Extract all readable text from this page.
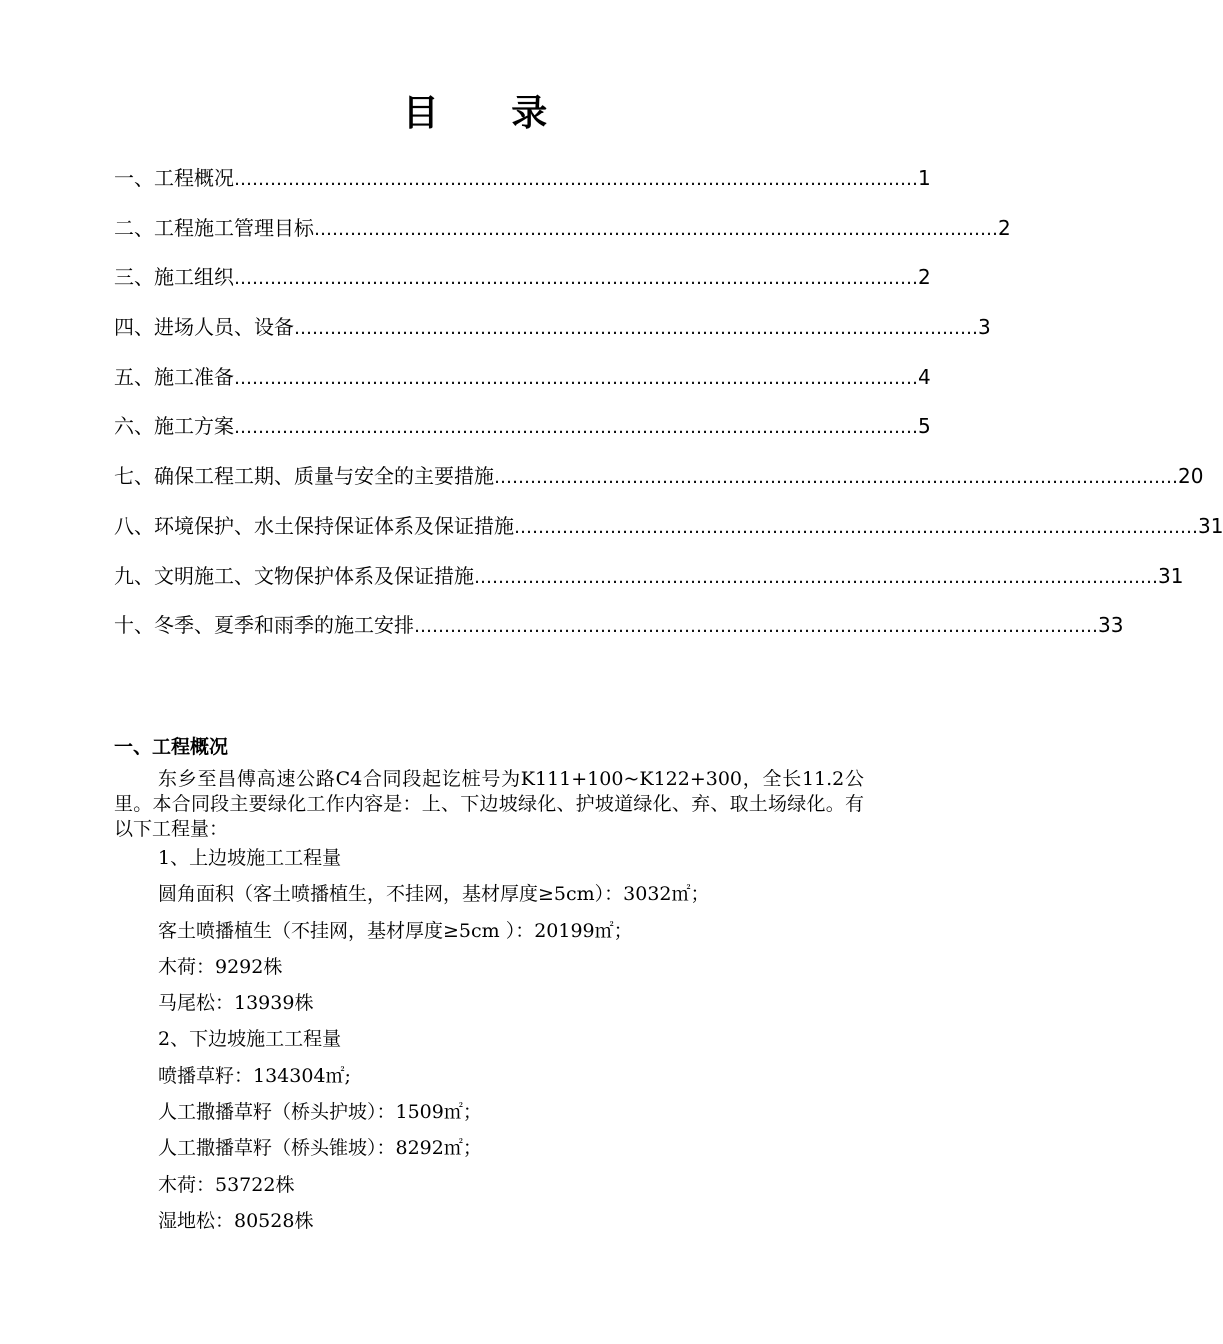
目 录
一、工程概况 …………………………………………………………………………………………………… 1
二、工程施工管理目标 …………………………………………………………………………………………………… 2
三、施工组织 …………………………………………………………………………………………………… 2
四、进场人员、设备 …………………………………………………………………………………………………… 3
五、施工准备 …………………………………………………………………………………………………… 4
六、施工方案 …………………………………………………………………………………………………… 5
七、确保工程工期、质量与安全的主要措施 …………………………………………………………………………………………………… 20
八、环境保护、水土保持保证体系及保证措施 …………………………………………………………………………………………………… 31
九、文明施工、文物保护体系及保证措施 …………………………………………………………………………………………………… 31
十、冬季、夏季和雨季的施工安排 …………………………………………………………………………………………………… 33
一、工程概况

东乡至昌傅高速公路C4合同段起讫桩号为K111+100~K122+300，全长11.2公里。本合同段主要绿化工作内容是：上、下边坡绿化、护坡道绿化、弃、取土场绿化。有以下工程量：

1、上边坡施工工程量
圆角面积（客土喷播植生，不挂网，基材厚度≥5cm）：3032㎡；
客土喷播植生（不挂网，基材厚度≥5cm ）：20199㎡；
木荷：9292株
马尾松：13939株
2、下边坡施工工程量
喷播草籽：134304㎡;
人工撒播草籽（桥头护坡）：1509㎡；
人工撒播草籽（桥头锥坡）：8292㎡；
木荷：53722株
湿地松：80528株
